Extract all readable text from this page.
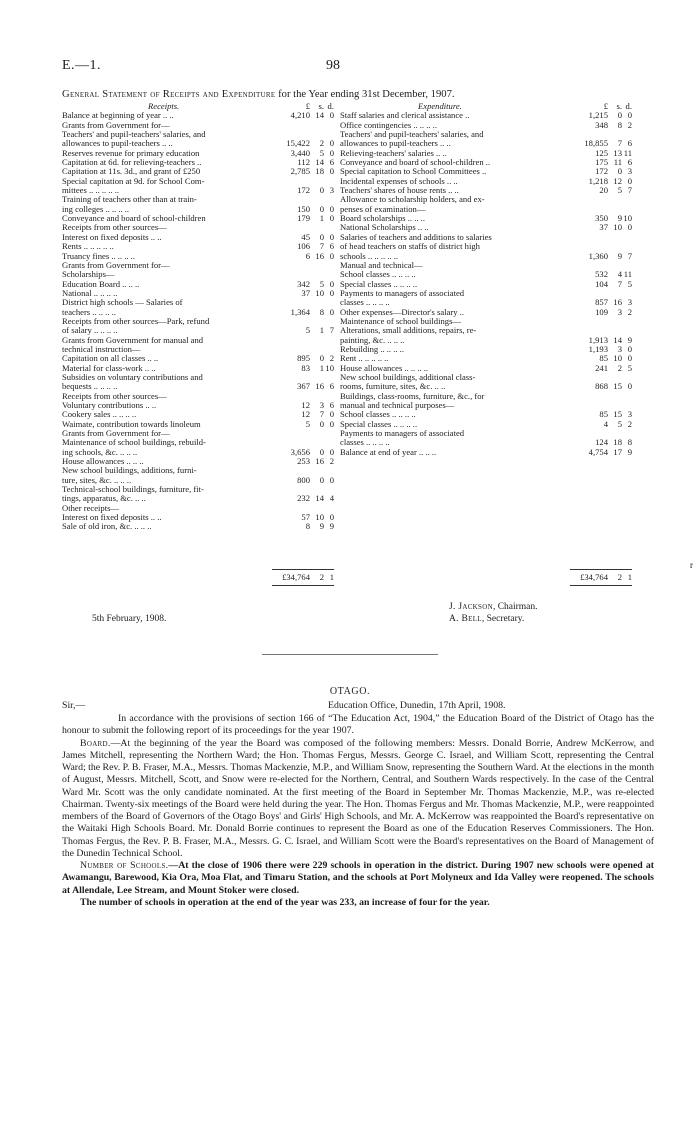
E.—1.	98
General Statement of Receipts and Expenditure for the Year ending 31st December, 1907.
Receipts.	£ s. d.
Balance at beginning of year .. ..	4,210 14 0
Grants from Government for—
Teachers' and pupil-teachers' salaries, and
allowances to pupil-teachers .. ..	15,422	2 0
Reserves revenue for primary education	3,440	5 0
Capitation at 6d. for relieving-teachers ..	112 14 6
Capitation at 11s. 3d., and grant of £250	2,785 18 0
Special capitation at 9d. for School Com-
mittees .. .. .. .. ..	172	0 3
Training of teachers other than at train-
ing colleges .. .. .. ..	150	0 0
Conveyance and board of school-children	179	1 0
Receipts from other sources—
Interest on fixed deposits .. ..	45	0 0
Rents .. .. .. .. ..	106	7 6
Truancy fines .. .. .. ..	6 16 0
Grants from Government for—
Scholarships—
Education Board .. .. ..	342	5 0
National .. .. .. ..	37 10 0
District high schools — Salaries of
teachers .. .. .. ..	1,364	8 0
Receipts from other sources—Park, refund
of salary .. .. .. ..	5	1 7
Grants from Government for manual and
technical instruction—
Capitation on all classes .. ..	895	0 2
Material for class-work .. ..	83	1 10
Subsidies on voluntary contributions and
bequests .. .. .. ..	367 16 6
Receipts from other sources—
Voluntary contributions .. ..	12	3 6
Cookery sales .. .. .. ..	12	7 0
Waimate, contribution towards linoleum	5	0 0
Grants from Government for—
Maintenance of school buildings, rebuild-
ing schools, &c. .. .. ..	3,656	0 0
House allowances .. .. ..	253 16 2
New school buildings, additions, furni-
ture, sites, &c. .. .. ..	800	0 0
Technical-school buildings, furniture, fit-
tings, apparatus, &c. .. ..	232 14 4
Other receipts—
Interest on fixed deposits .. ..	57 10 0
Sale of old iron, &c. .. .. ..	8	9 9
Expenditure.	£ s. d.
Staff salaries and clerical assistance ..	1,215	0 0
Office contingencies .. .. .. ..	348	8 2
Teachers' and pupil-teachers' salaries, and
allowances to pupil-teachers .. ..	18,855	7 6
Relieving-teachers' salaries .. ..	125 13 11
Conveyance and board of school-children ..	175 11 6
Special capitation to School Committees ..	172	0 3
Incidental expenses of schools .. ..	1,218 12 0
Teachers' shares of house rents .. ..	20	5 7
Allowance to scholarship holders, and ex-
penses of examination—
Board scholarships .. .. ..	350	9 10
National Scholarships .. ..	37 10 0
Salaries of teachers and additions to salaries
of head teachers on staffs of district high
schools .. .. .. .. ..	1,360	9 7
Manual and technical—
School classes .. .. .. ..	532	4 11
Special classes .. .. .. ..	104	7 5
Payments to managers of associated
classes .. .. .. ..	857 16 3
Other expenses—Director's salary ..	109	3 2
Maintenance of school buildings—
Alterations, small additions, repairs, re-
painting, &c. .. .. ..	1,913 14 9
Rebuilding .. .. .. ..	1,193	3 0
Rent .. .. .. .. ..	85 10 0
House allowances .. .. .. ..	241	2 5
New school buildings, additional class-
rooms, furniture, sites, &c. .. ..	868 15 0
Buildings, class-rooms, furniture, &c., for
manual and technical purposes—
School classes .. .. .. ..	85 15 3
Special classes .. .. .. ..	4	5 2
Payments to managers of associated
classes .. .. .. ..	124 18 8
Balance at end of year .. .. ..	4,754 17 9
£34,764	2 1	£34,764	2 1
J. Jackson, Chairman.
5th February, 1908.	A. Bell, Secretary.
OTAGO.
Sir,—	Education Office, Dunedin, 17th April, 1908.

In accordance with the provisions of section 166 of “The Education Act, 1904,” the Education Board of the District of Otago has the honour to submit the following report of its proceedings for the year 1907.

Board.—At the beginning of the year the Board was composed of the following members: Messrs. Donald Borrie, Andrew McKerrow, and James Mitchell, representing the Northern Ward; the Hon. Thomas Fergus, Messrs. George C. Israel, and William Scott, representing the Central Ward; the Rev. P. B. Fraser, M.A., Messrs. Thomas Mackenzie, M.P., and William Snow, representing the Southern Ward. At the elections in the month of August, Messrs. Mitchell, Scott, and Snow were re-elected for the Northern, Central, and Southern Wards respectively. In the case of the Central Ward Mr. Scott was the only candidate nominated. At the first meeting of the Board in September Mr. Thomas Mackenzie, M.P., was re-elected Chairman. Twenty-six meetings of the Board were held during the year. The Hon. Thomas Fergus and Mr. Thomas Mackenzie, M.P., were reappointed members of the Board of Governors of the Otago Boys' and Girls' High Schools, and Mr. A. McKerrow was reappointed the Board's representative on the Waitaki High Schools Board. Mr. Donald Borrie continues to represent the Board as one of the Education Reserves Commissioners. The Hon. Thomas Fergus, the Rev. P. B. Fraser, M.A., Messrs. G. C. Israel, and William Scott were the Board's representatives on the Board of Management of the Dunedin Technical School.

Number of Schools.—At the close of 1906 there were 229 schools in operation in the district. During 1907 new schools were opened at Awamangu, Barewood, Kia Ora, Moa Flat, and Timaru Station, and the schools at Port Molyneux and Ida Valley were reopened. The schools at Allendale, Lee Stream, and Mount Stoker were closed.

The number of schools in operation at the end of the year was 233, an increase of four for the year.

r
